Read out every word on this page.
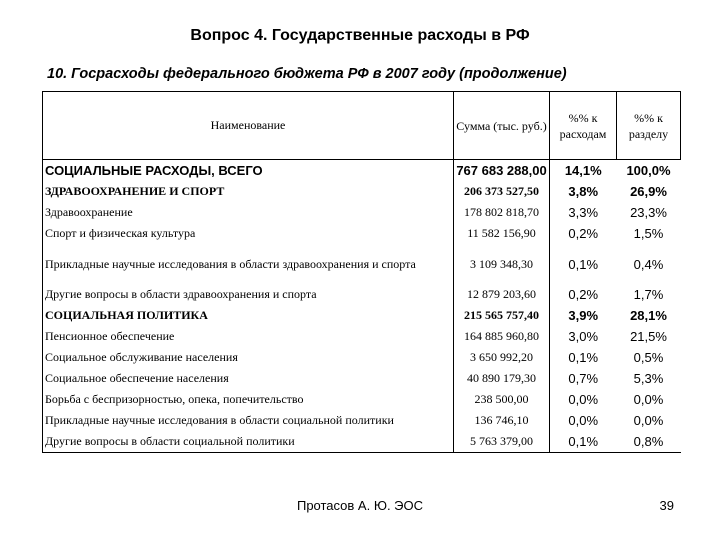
Вопрос 4. Государственные расходы в РФ
10. Госрасходы федерального бюджета РФ в 2007 году (продолжение)
Наименование	Сумма (тыс. руб.)	%% к расходам	%% к разделу
СОЦИАЛЬНЫЕ РАСХОДЫ, ВСЕГО	767 683 288,00	14,1%	100,0%
ЗДРАВООХРАНЕНИЕ И СПОРТ	206 373 527,50	3,8%	26,9%
Здравоохранение	178 802 818,70	3,3%	23,3%
Спорт и физическая культура	11 582 156,90	0,2%	1,5%
Прикладные научные исследования в области здравоохранения и спорта	3 109 348,30	0,1%	0,4%
Другие вопросы в области здравоохранения и спорта	12 879 203,60	0,2%	1,7%
СОЦИАЛЬНАЯ ПОЛИТИКА	215 565 757,40	3,9%	28,1%
Пенсионное обеспечение	164 885 960,80	3,0%	21,5%
Социальное обслуживание населения	3 650 992,20	0,1%	0,5%
Социальное обеспечение населения	40 890 179,30	0,7%	5,3%
Борьба с беспризорностью, опека, попечительство	238 500,00	0,0%	0,0%
Прикладные научные исследования в области социальной политики	136 746,10	0,0%	0,0%
Другие вопросы в области социальной политики	5 763 379,00	0,1%	0,8%
Протасов А. Ю. ЭОС	39
